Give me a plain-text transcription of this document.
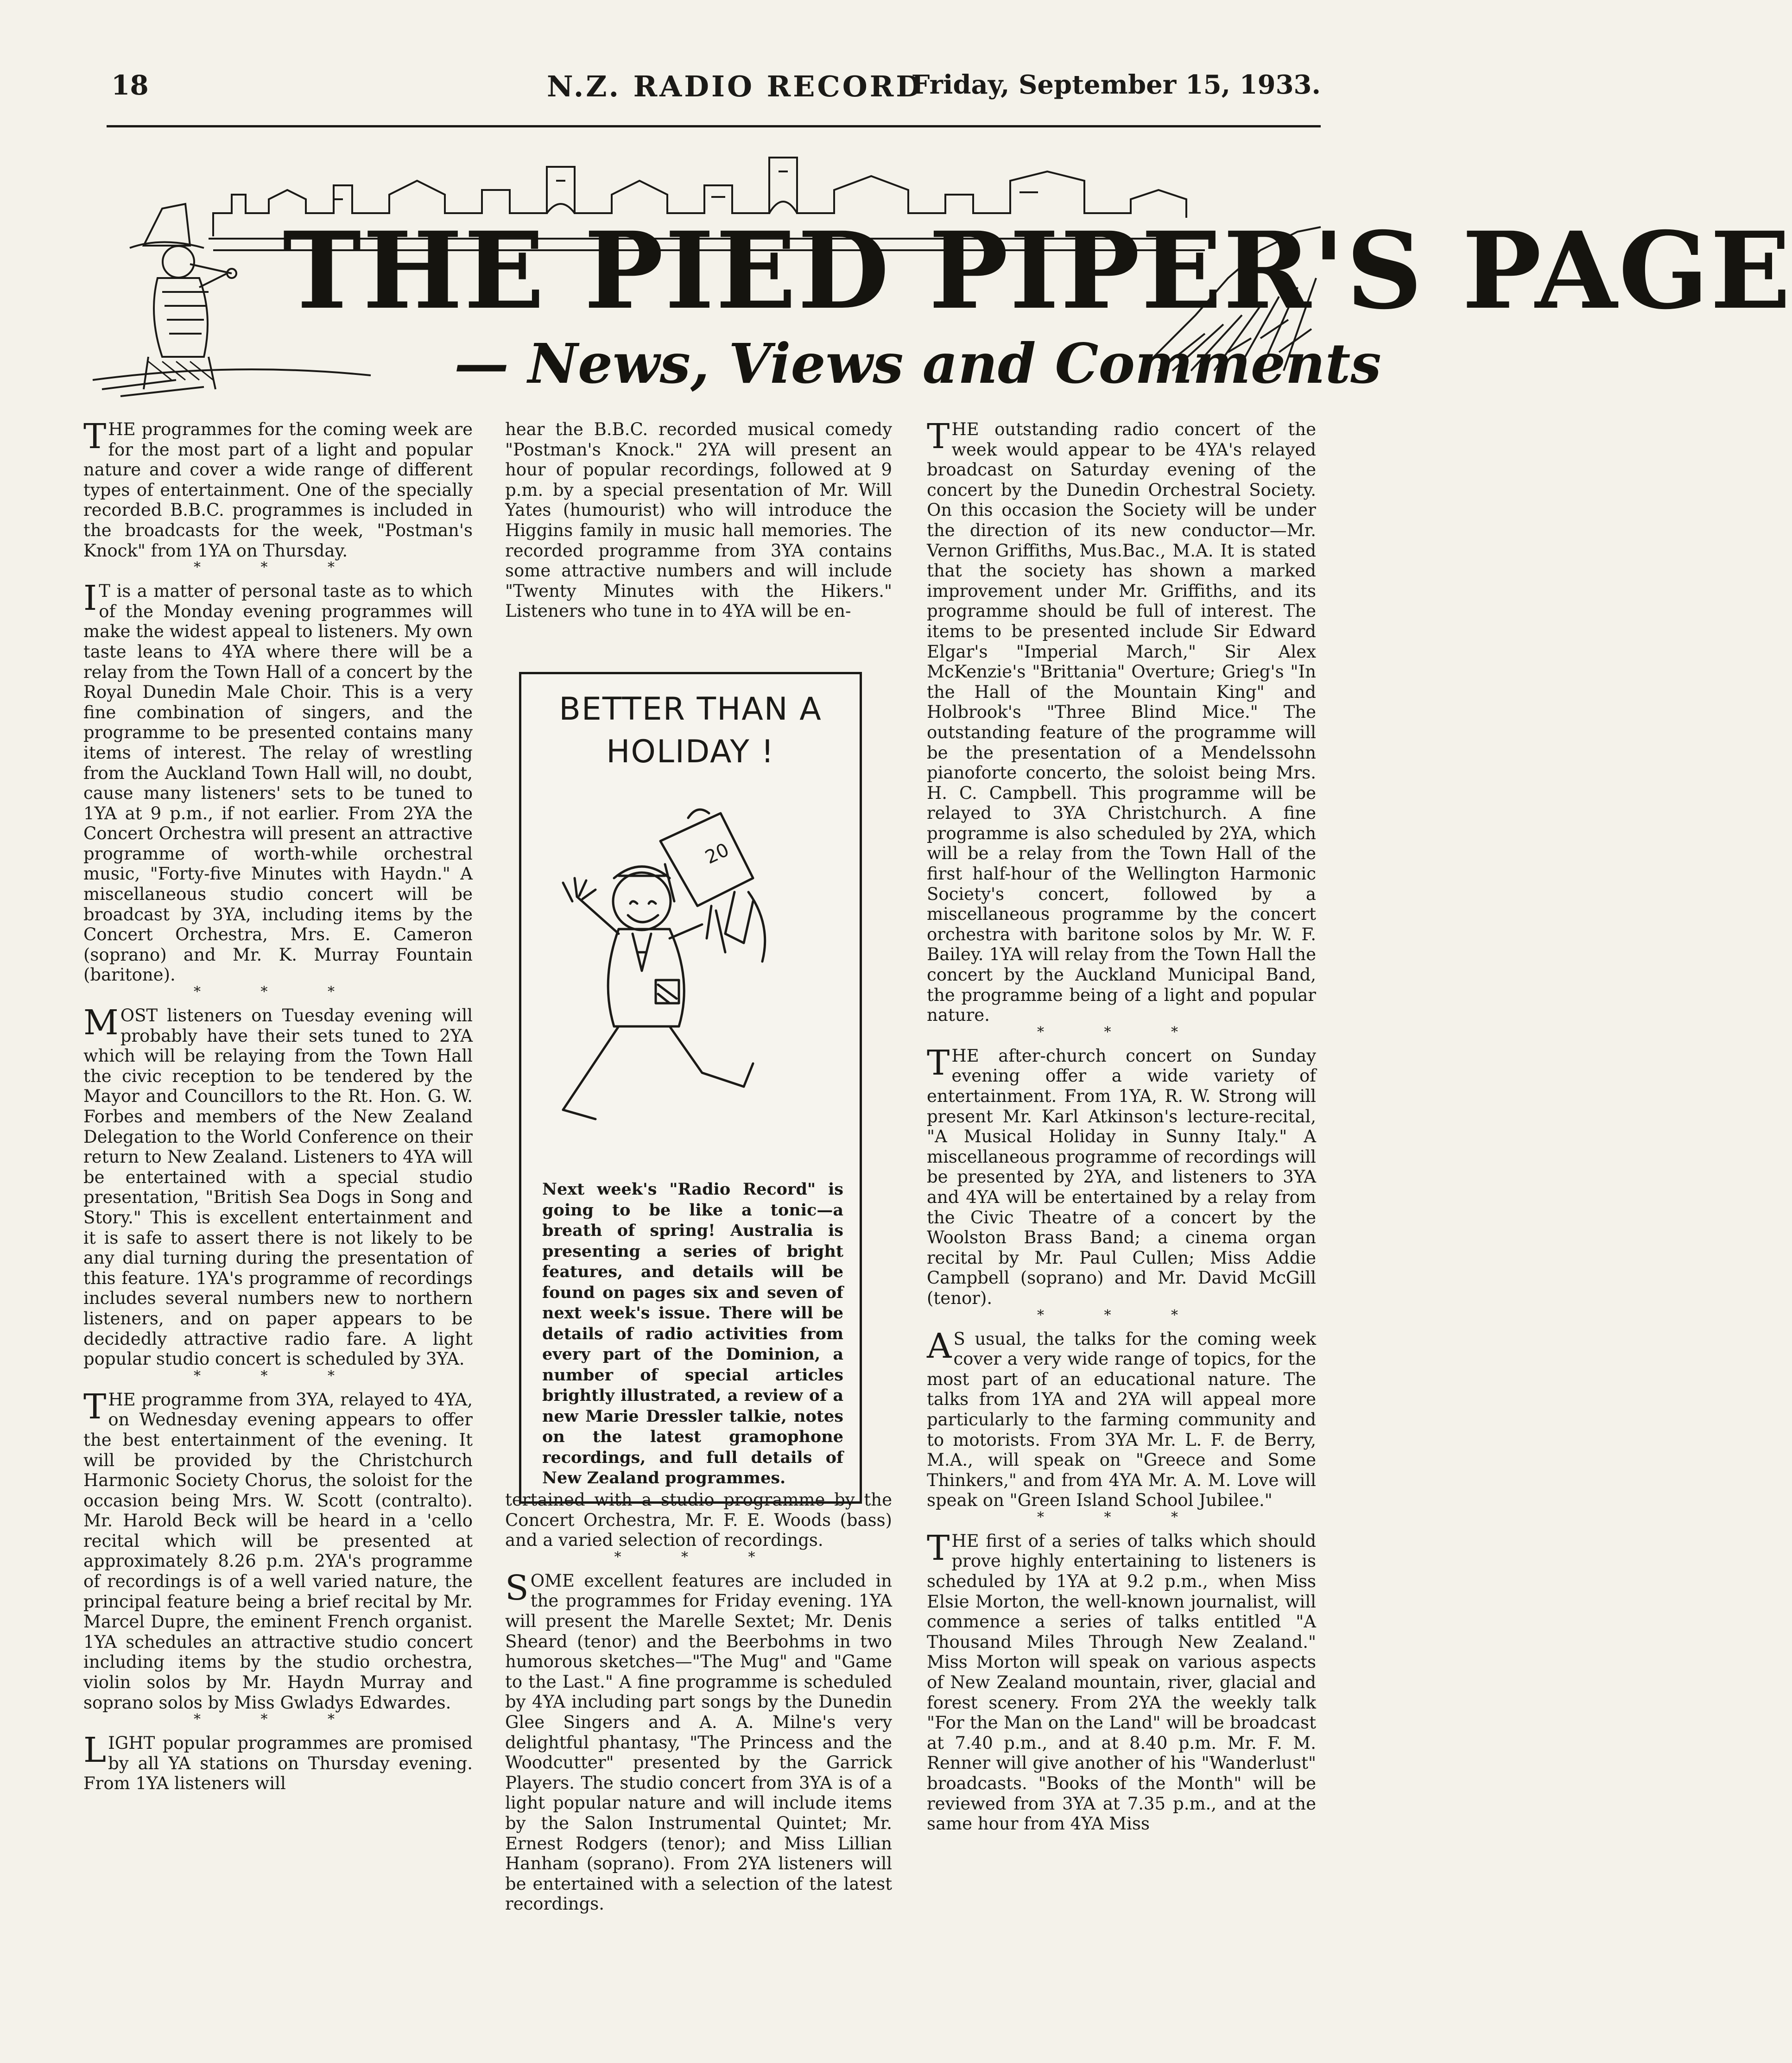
18	N.Z. RADIO RECORD
Friday, September 15, 1933.
THE PIED PIPER'S PAGE
— News, Views and Comments

THE programmes for the coming week are for the most part of a light and popular nature and cover a wide range of different types of entertainment. One of the specially recorded B.B.C. programmes is included in the broadcasts for the week, "Postman's Knock" from 1YA on Thursday.

* * *

IT is a matter of personal taste as to which of the Monday evening programmes will make the widest appeal to listeners. My own taste leans to 4YA where there will be a relay from the Town Hall of a concert by the Royal Dunedin Male Choir. This is a very fine combination of singers, and the programme to be presented contains many items of interest. The relay of wrestling from the Auckland Town Hall will, no doubt, cause many listeners' sets to be tuned to 1YA at 9 p.m., if not earlier. From 2YA the Concert Orchestra will present an attractive programme of worth-while orchestral music, "Forty-five Minutes with Haydn." A miscellaneous studio concert will be broadcast by 3YA, including items by the Concert Orchestra, Mrs. E. Cameron (soprano) and Mr. K. Murray Fountain (baritone).

* * *

MOST listeners on Tuesday evening will probably have their sets tuned to 2YA which will be relaying from the Town Hall the civic reception to be tendered by the Mayor and Councillors to the Rt. Hon. G. W. Forbes and members of the New Zealand Delegation to the World Conference on their return to New Zealand. Listeners to 4YA will be entertained with a special studio presentation, "British Sea Dogs in Song and Story." This is excellent entertainment and it is safe to assert there is not likely to be any dial turning during the presentation of this feature. 1YA's programme of recordings includes several numbers new to northern listeners, and on paper appears to be decidedly attractive radio fare. A light popular studio concert is scheduled by 3YA.

* * *

THE programme from 3YA, relayed to 4YA, on Wednesday evening appears to offer the best entertainment of the evening. It will be provided by the Christchurch Harmonic Society Chorus, the soloist for the occasion being Mrs. W. Scott (contralto). Mr. Harold Beck will be heard in a 'cello recital which will be presented at approximately 8.26 p.m. 2YA's programme of recordings is of a well varied nature, the principal feature being a brief recital by Mr. Marcel Dupre, the eminent French organist. 1YA schedules an attractive studio concert including items by the studio orchestra, violin solos by Mr. Haydn Murray and soprano solos by Miss Gwladys Edwardes.

* * *

LIGHT popular programmes are promised by all YA stations on Thursday evening. From 1YA listeners will

hear the B.B.C. recorded musical comedy "Postman's Knock." 2YA will present an hour of popular recordings, followed at 9 p.m. by a special presentation of Mr. Will Yates (humourist) who will introduce the Higgins family in music hall memories. The recorded programme from 3YA contains some attractive numbers and will include "Twenty Minutes with the Hikers." Listeners who tune in to 4YA will be en-

BETTER THAN A HOLIDAY !
20
Next week's "Radio Record" is going to be like a tonic—a breath of spring! Australia is presenting a series of bright features, and details will be found on pages six and seven of next week's issue. There will be details of radio activities from every part of the Dominion, a number of special articles brightly illustrated, a review of a new Marie Dressler talkie, notes on the latest gramophone recordings, and full details of New Zealand programmes.

tertained with a studio programme by the Concert Orchestra, Mr. F. E. Woods (bass) and a varied selection of recordings.

* * *

SOME excellent features are included in the programmes for Friday evening. 1YA will present the Marelle Sextet; Mr. Denis Sheard (tenor) and the Beerbohms in two humorous sketches—"The Mug" and "Game to the Last." A fine programme is scheduled by 4YA including part songs by the Dunedin Glee Singers and A. A. Milne's very delightful phantasy, "The Princess and the Woodcutter" presented by the Garrick Players. The studio concert from 3YA is of a light popular nature and will include items by the Salon Instrumental Quintet; Mr. Ernest Rodgers (tenor); and Miss Lillian Hanham (soprano). From 2YA listeners will be entertained with a selection of the latest recordings.

THE outstanding radio concert of the week would appear to be 4YA's relayed broadcast on Saturday evening of the concert by the Dunedin Orchestral Society. On this occasion the Society will be under the direction of its new conductor—Mr. Vernon Griffiths, Mus.Bac., M.A. It is stated that the society has shown a marked improvement under Mr. Griffiths, and its programme should be full of interest. The items to be presented include Sir Edward Elgar's "Imperial March," Sir Alex McKenzie's "Brittania" Overture; Grieg's "In the Hall of the Mountain King" and Holbrook's "Three Blind Mice." The outstanding feature of the programme will be the presentation of a Mendelssohn pianoforte concerto, the soloist being Mrs. H. C. Campbell. This programme will be relayed to 3YA Christchurch. A fine programme is also scheduled by 2YA, which will be a relay from the Town Hall of the first half-hour of the Wellington Harmonic Society's concert, followed by a miscellaneous programme by the concert orchestra with baritone solos by Mr. W. F. Bailey. 1YA will relay from the Town Hall the concert by the Auckland Municipal Band, the programme being of a light and popular nature.

* * *

THE after-church concert on Sunday evening offer a wide variety of entertainment. From 1YA, R. W. Strong will present Mr. Karl Atkinson's lecture-recital, "A Musical Holiday in Sunny Italy." A miscellaneous programme of recordings will be presented by 2YA, and listeners to 3YA and 4YA will be entertained by a relay from the Civic Theatre of a concert by the Woolston Brass Band; a cinema organ recital by Mr. Paul Cullen; Miss Addie Campbell (soprano) and Mr. David McGill (tenor).

* * *

AS usual, the talks for the coming week cover a very wide range of topics, for the most part of an educational nature. The talks from 1YA and 2YA will appeal more particularly to the farming community and to motorists. From 3YA Mr. L. F. de Berry, M.A., will speak on "Greece and Some Thinkers," and from 4YA Mr. A. M. Love will speak on "Green Island School Jubilee."

* * *

THE first of a series of talks which should prove highly entertaining to listeners is scheduled by 1YA at 9.2 p.m., when Miss Elsie Morton, the well-known journalist, will commence a series of talks entitled "A Thousand Miles Through New Zealand." Miss Morton will speak on various aspects of New Zealand mountain, river, glacial and forest scenery. From 2YA the weekly talk "For the Man on the Land" will be broadcast at 7.40 p.m., and at 8.40 p.m. Mr. F. M. Renner will give another of his "Wanderlust" broadcasts. "Books of the Month" will be reviewed from 3YA at 7.35 p.m., and at the same hour from 4YA Miss
